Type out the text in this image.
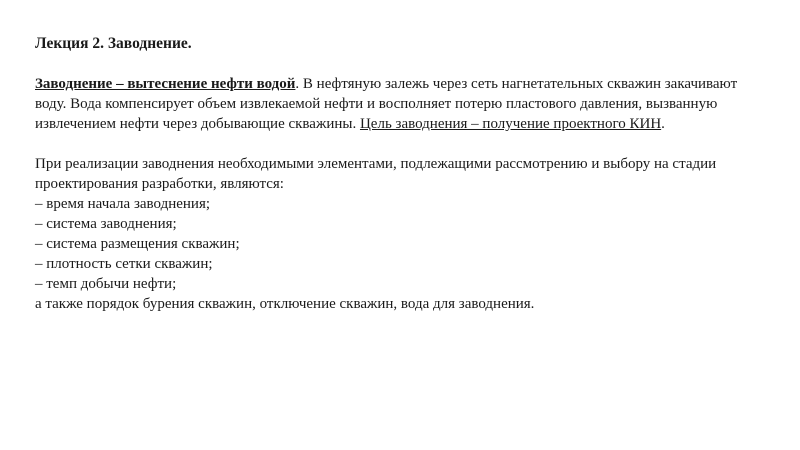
Лекция 2. Заводнение.

Заводнение – вытеснение нефти водой. В нефтяную залежь через сеть нагнетательных скважин закачивают воду. Вода компенсирует объем извлекаемой нефти и восполняет потерю пластового давления, вызванную извлечением нефти через добывающие скважины. Цель заводнения – получение проектного КИН.

При реализации заводнения необходимыми элементами, подлежащими рассмотрению и выбору на стадии проектирования разработки, являются:

– время начала заводнения;
– система заводнения;
– система размещения скважин;
– плотность сетки скважин;
– темп добычи нефти;

а также порядок бурения скважин, отключение скважин, вода для заводнения.
